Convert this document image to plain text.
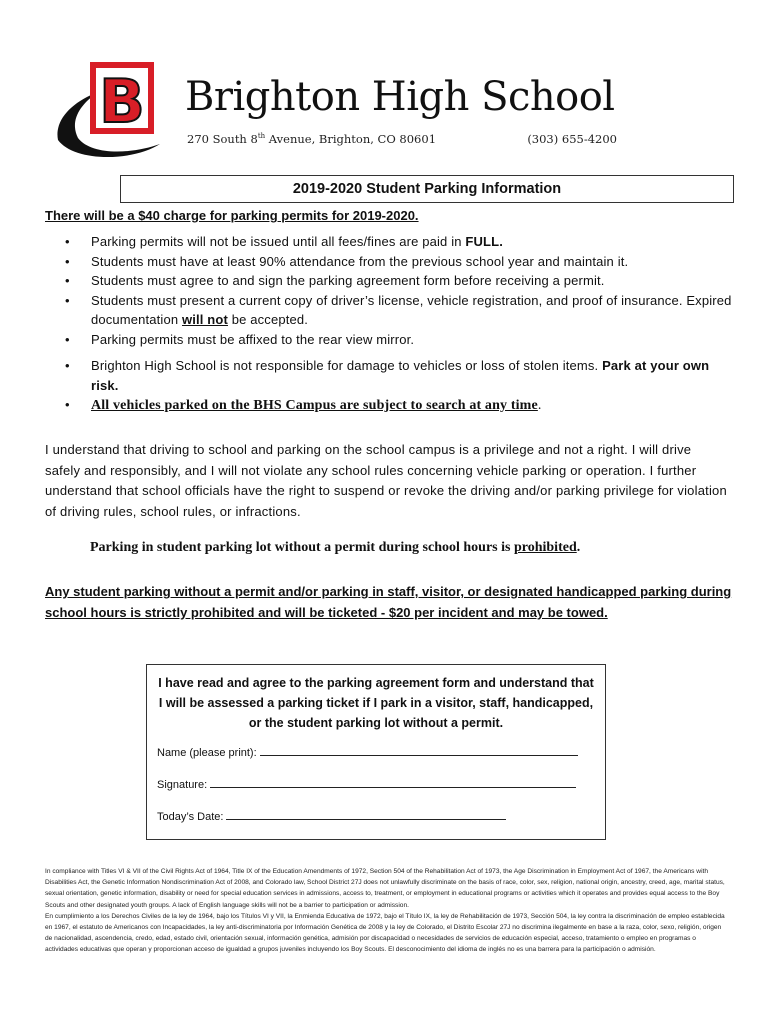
B Brighton High School
270 South 8th Avenue, Brighton, CO 80601	(303) 655-4200
2019-2020 Student Parking Information
There will be a $40 charge for parking permits for 2019-2020.
• Parking permits will not be issued until all fees/fines are paid in FULL.
• Students must have at least 90% attendance from the previous school year and maintain it.
• Students must agree to and sign the parking agreement form before receiving a permit.
• Students must present a current copy of driver’s license, vehicle registration, and proof of insurance. Expired documentation will not be accepted.
• Parking permits must be affixed to the rear view mirror.
• Brighton High School is not responsible for damage to vehicles or loss of stolen items. Park at your own risk.
• All vehicles parked on the BHS Campus are subject to search at any time.

I understand that driving to school and parking on the school campus is a privilege and not a right. I will drive safely and responsibly, and I will not violate any school rules concerning vehicle parking or operation. I further understand that school officials have the right to suspend or revoke the driving and/or parking privilege for violation of driving rules, school rules, or infractions.

Parking in student parking lot without a permit during school hours is prohibited.

Any student parking without a permit and/or parking in staff, visitor, or designated handicapped parking during school hours is strictly prohibited and will be ticketed - $20 per incident and may be towed.

I have read and agree to the parking agreement form and understand that I will be assessed a parking ticket if I park in a visitor, staff, handicapped, or the student parking lot without a permit.
Name (please print):
Signature:
Today’s Date:

In compliance with Titles VI & VII of the Civil Rights Act of 1964, Title IX of the Education Amendments of 1972, Section 504 of the Rehabilitation Act of 1973, the Age Discrimination in Employment Act of 1967, the Americans with Disabilities Act, the Genetic Information Nondiscrimination Act of 2008, and Colorado law, School District 27J does not unlawfully discriminate on the basis of race, color, sex, religion, national origin, ancestry, creed, age, marital status, sexual orientation, genetic information, disability or need for special education services in admissions, access to, treatment, or employment in educational programs or activities which it operates and provides equal access to the Boy Scouts and other designated youth groups. A lack of English language skills will not be a barrier to participation or admission.
En cumplimiento a los Derechos Civiles de la ley de 1964, bajo los Títulos VI y VII, la Enmienda Educativa de 1972, bajo el Título IX, la ley de Rehabilitación de 1973, Sección 504, la ley contra la discriminación de empleo establecida en 1967, el estatuto de Americanos con Incapacidades, la ley anti-discriminatoria por Información Genética de 2008 y la ley de Colorado, el Distrito Escolar 27J no discrimina ilegalmente en base a la raza, color, sexo, religión, origen de nacionalidad, ascendencia, credo, edad, estado civil, orientación sexual, información genética, admisión por discapacidad o necesidades de servicios de educación especial, acceso, tratamiento o empleo en programas o actividades educativas que operan y proporcionan acceso de igualdad a grupos juveniles incluyendo los Boy Scouts. El desconocimiento del idioma de inglés no es una barrera para la participación o admisión.
